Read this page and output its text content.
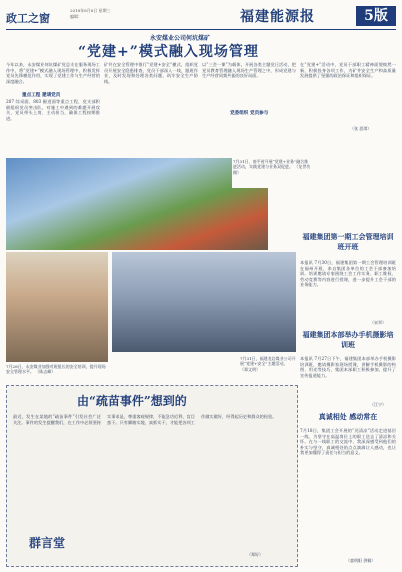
政工之窗
2018年8月8日 星期三
编辑：	福建能源报	5版
永安煤业公司何坑煤矿
“党建+”模式融入现场管理
今年以来，永安煤业何坑煤矿党总支在服务现场工作中，将“党建+”模式融入现场管理中，积极发挥党员先锋模范作用，实现了党建工作与生产经营的深度融合。
重点工程 邀请党员
207 综采面、803 掘进面等重点工程，党支部积极组织党员突击队，对施工中遇到的难题开展攻关，党员带头上岗、主动担当，确保工程按期推进。
矿井在安全管理中推行“党建+安全”模式，组织党员开展安全隐患排查，党员干部深入一线，跟班作业，及时发现和处理各类问题，筑牢安全生产防线。
以“三会一课”为载体，开展各类主题党日活动，把党员教育管理融入现场生产管理之中，形成党建与生产经营同频共振的良好局面。
党委组织 党员参与
在“党建+”活动中，党员干部职工精神面貌焕然一新，积极投身各项工作，为矿井安全生产和高质量发展提供了坚强的政治保证和组织保证。
（张 思琪）
7月31日，南平省开展“党建+业务”融合推进活动，实践党建与业务双促进。 （龙世功 摄）
福建集团第一期工会管理培训班开班
本报讯 7月30日，福建集团第一期工会管理培训班在福州开班，来自集团各单位的工会干部参加培训。培训邀请专家围绕工会工作实务、职工维权、劳动竞赛等内容进行授课，进一步提升工会干部的业务能力。
（宋翠）
福建集团本部举办手机摄影培训班
本报讯 7月27日下午，福建集团本部举办手机摄影培训班，邀请摄影家现场授课，讲解手机摄影的构图、用光等技巧，集团本部职工积极参加，提升了宣传报道能力。
（江宁）
7月28日，永安煤业加强对班组长的安全培训，提升现场安全管理水平。 （陈志峰）
7月31日，福建龙岩煤业公司开展“党建+安全”主题活动。 （郑文明）
由“疏苗事件”想到的
最近，发生在某地的“疏苗事件”引发社会广泛关注。事件的发生提醒我们，在工作中必须坚持实事求是，尊重客观规律，不能急功近利、盲目蛮干。只有脚踏实地、真抓实干，才能把各项工作做实做好，经得起历史和群众的检验。
群言堂
（郑好）
真诚相处 感动常在
7月18日，集团工会开展的“送清凉”活动走进基层一线，为坚守在高温岗位上的职工送去了清凉和关怀。在与一线职工的交流中，我深深感受到他们的朴实与坚守，真诚相处的点点滴滴让人感动，也让我更加懂得了责任与担当的意义。
（童明阳 供稿）
